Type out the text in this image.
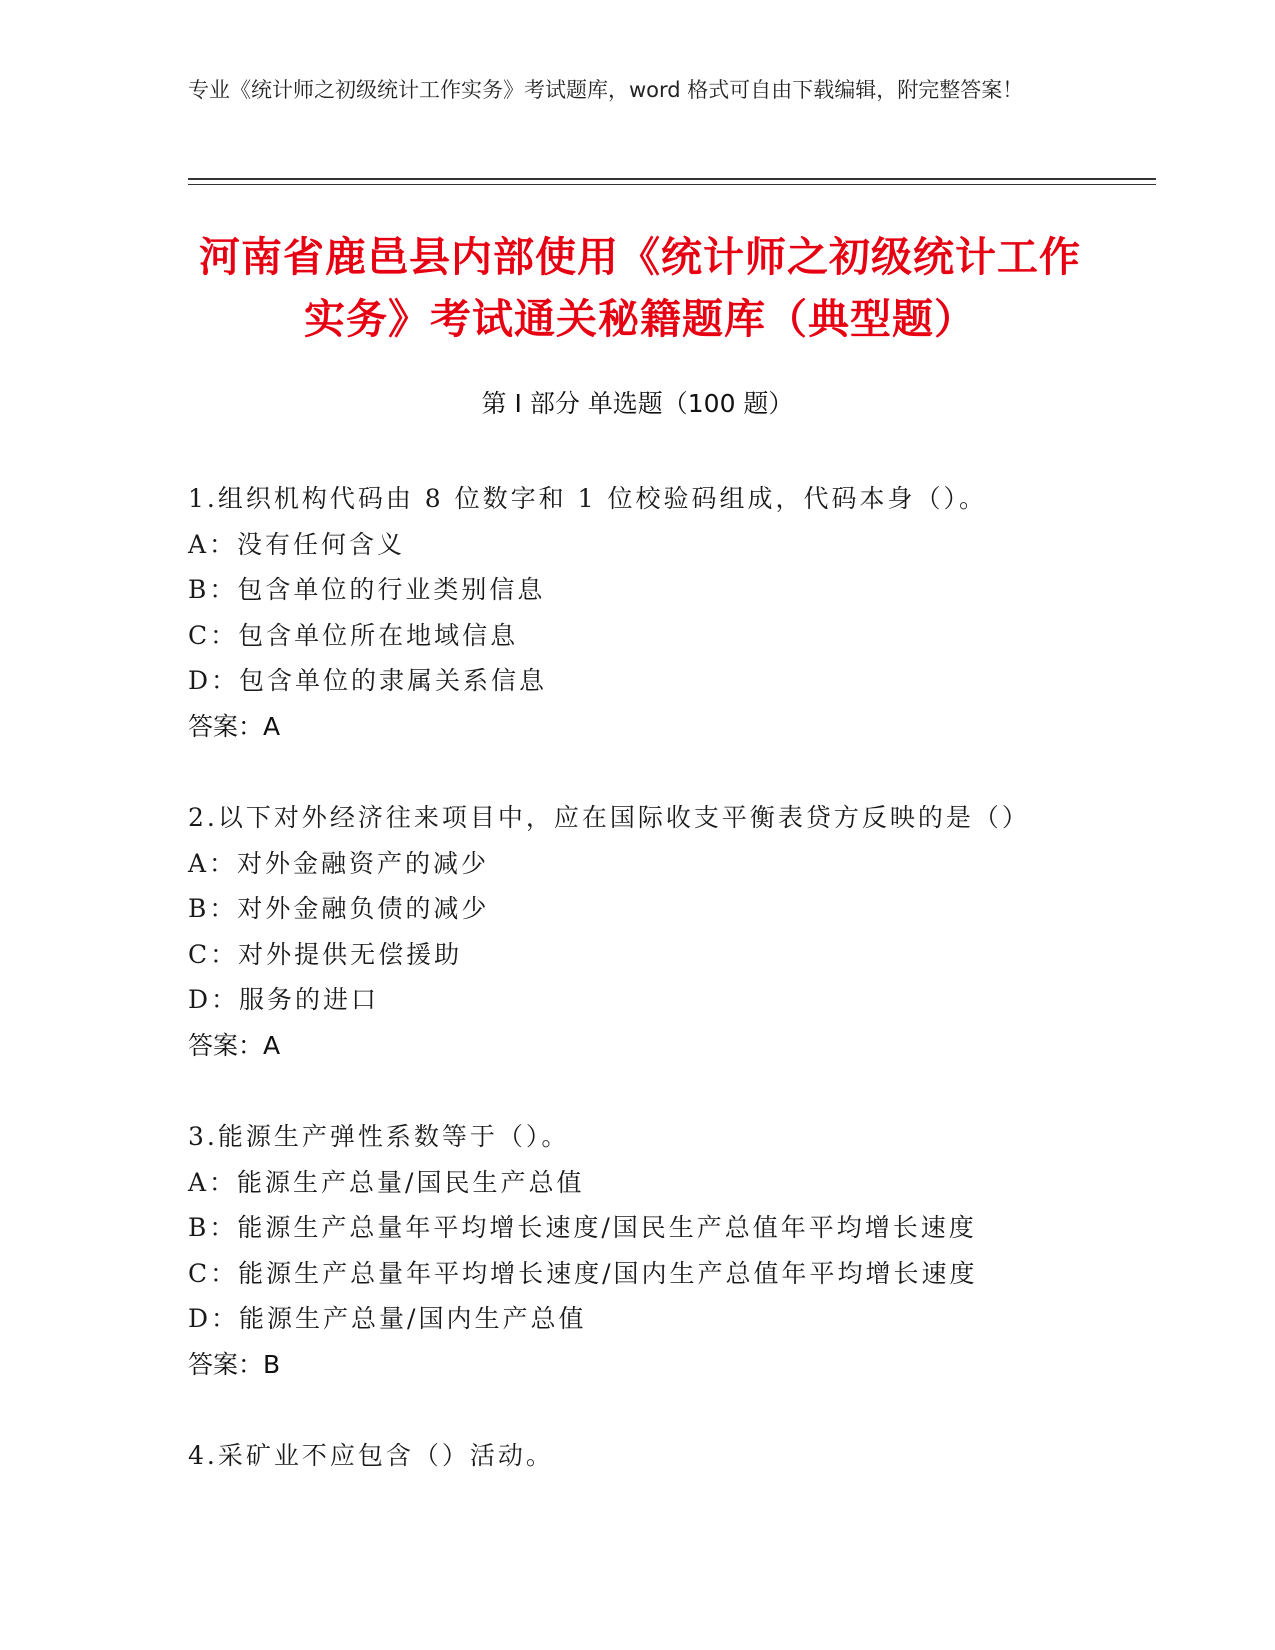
专业《统计师之初级统计工作实务》考试题库，word 格式可自由下载编辑，附完整答案！
河南省鹿邑县内部使用《统计师之初级统计工作实务》考试通关秘籍题库（典型题）
第 I 部分 单选题（100 题）
1.组织机构代码由 8 位数字和 1 位校验码组成，代码本身（）。
A：没有任何含义
B：包含单位的行业类别信息
C：包含单位所在地域信息
D：包含单位的隶属关系信息
答案：A
2.以下对外经济往来项目中，应在国际收支平衡表贷方反映的是（）
A：对外金融资产的减少
B：对外金融负债的减少
C：对外提供无偿援助
D：服务的进口
答案：A
3.能源生产弹性系数等于（）。
A：能源生产总量/国民生产总值
B：能源生产总量年平均增长速度/国民生产总值年平均增长速度
C：能源生产总量年平均增长速度/国内生产总值年平均增长速度
D：能源生产总量/国内生产总值
答案：B
4.采矿业不应包含（）活动。
